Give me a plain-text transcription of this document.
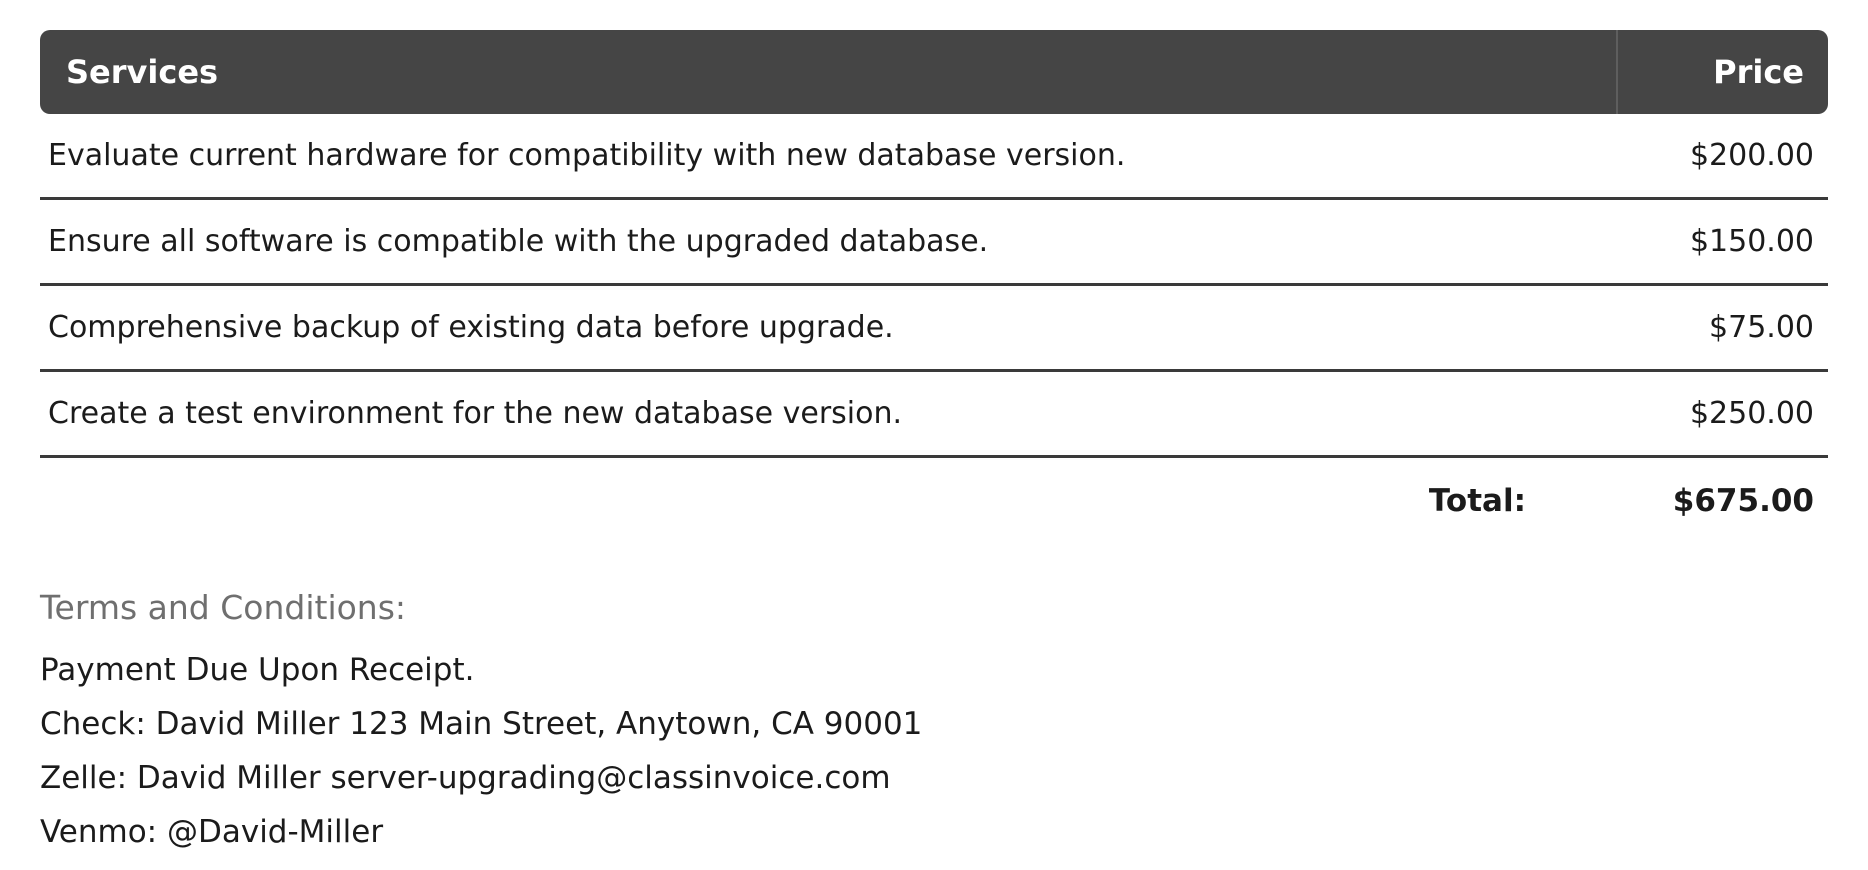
Services	Price
Evaluate current hardware for compatibility with new database version.	$200.00
Ensure all software is compatible with the upgraded database.	$150.00
Comprehensive backup of existing data before upgrade.	$75.00
Create a test environment for the new database version.	$250.00
Total:	$675.00
Terms and Conditions:
Payment Due Upon Receipt.
Check: David Miller 123 Main Street, Anytown, CA 90001
Zelle: David Miller server-upgrading@classinvoice.com
Venmo: @David-Miller
